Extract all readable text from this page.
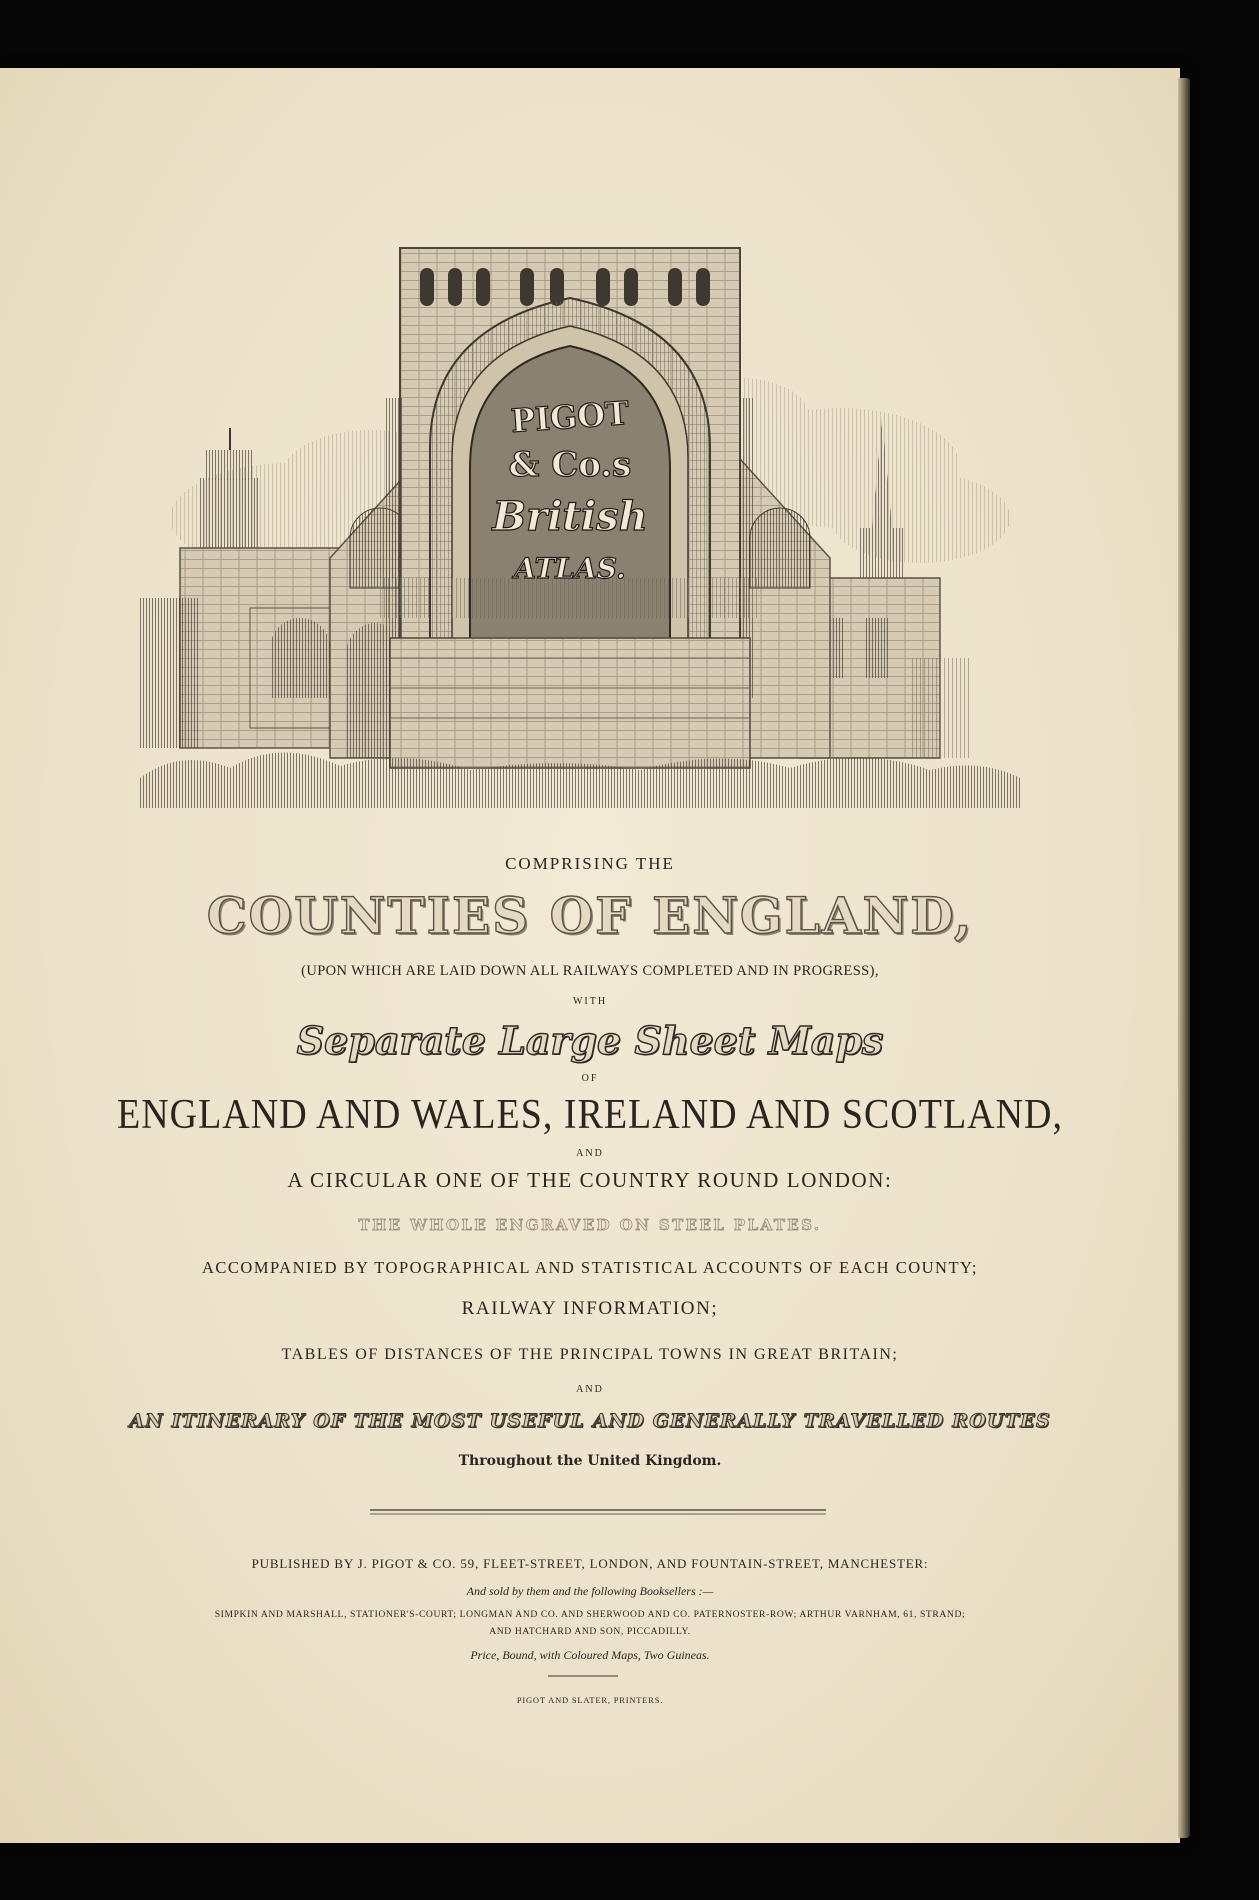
PIGOT
& Co.s
British
ATLAS.
COMPRISING THE
COUNTIES OF ENGLAND,
(UPON WHICH ARE LAID DOWN ALL RAILWAYS COMPLETED AND IN PROGRESS),
WITH
Separate Large Sheet Maps
OF
ENGLAND AND WALES, IRELAND AND SCOTLAND,
AND
A CIRCULAR ONE OF THE COUNTRY ROUND LONDON:
THE WHOLE ENGRAVED ON STEEL PLATES.
ACCOMPANIED BY TOPOGRAPHICAL AND STATISTICAL ACCOUNTS OF EACH COUNTY;
RAILWAY INFORMATION;
TABLES OF DISTANCES OF THE PRINCIPAL TOWNS IN GREAT BRITAIN;
AND
AN ITINERARY OF THE MOST USEFUL AND GENERALLY TRAVELLED ROUTES
Throughout the United Kingdom.
PUBLISHED BY J. PIGOT & CO. 59, FLEET-STREET, LONDON, AND FOUNTAIN-STREET, MANCHESTER:
And sold by them and the following Booksellers :—
SIMPKIN AND MARSHALL, STATIONER'S-COURT; LONGMAN AND CO. AND SHERWOOD AND CO. PATERNOSTER-ROW; ARTHUR VARNHAM, 61, STRAND;
AND HATCHARD AND SON, PICCADILLY.
Price, Bound, with Coloured Maps, Two Guineas.
PIGOT AND SLATER, PRINTERS.
